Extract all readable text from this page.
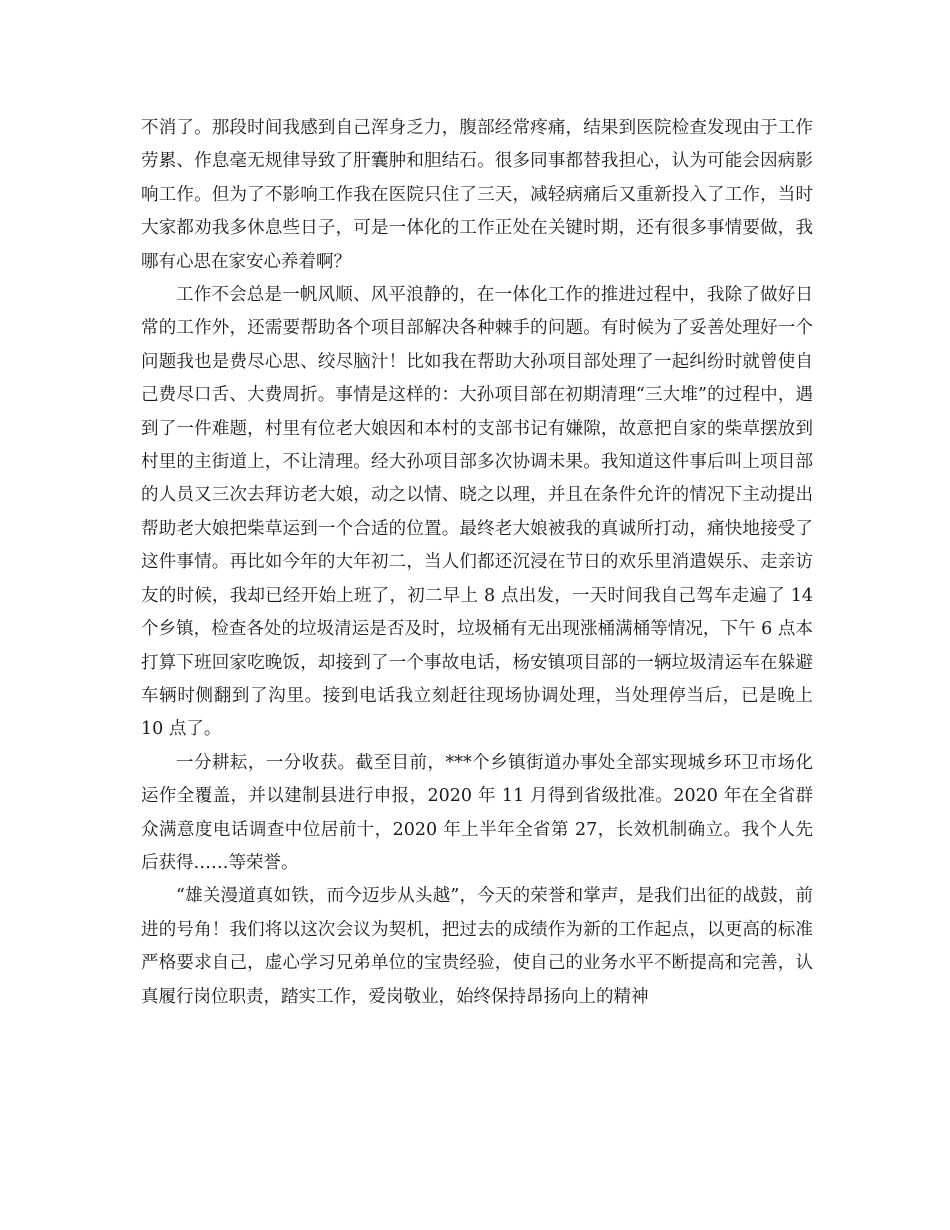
不消了。那段时间我感到自己浑身乏力，腹部经常疼痛，结果到医院检查发现由于工作劳累、作息毫无规律导致了肝囊肿和胆结石。很多同事都替我担心，认为可能会因病影响工作。但为了不影响工作我在医院只住了三天，减轻病痛后又重新投入了工作，当时大家都劝我多休息些日子，可是一体化的工作正处在关键时期，还有很多事情要做，我哪有心思在家安心养着啊？

工作不会总是一帆风顺、风平浪静的，在一体化工作的推进过程中，我除了做好日常的工作外，还需要帮助各个项目部解决各种棘手的问题。有时候为了妥善处理好一个问题我也是费尽心思、绞尽脑汁！比如我在帮助大孙项目部处理了一起纠纷时就曾使自己费尽口舌、大费周折。事情是这样的：大孙项目部在初期清理“三大堆”的过程中，遇到了一件难题，村里有位老大娘因和本村的支部书记有嫌隙，故意把自家的柴草摆放到村里的主街道上，不让清理。经大孙项目部多次协调未果。我知道这件事后叫上项目部的人员又三次去拜访老大娘，动之以情、晓之以理，并且在条件允许的情况下主动提出帮助老大娘把柴草运到一个合适的位置。最终老大娘被我的真诚所打动，痛快地接受了这件事情。再比如今年的大年初二，当人们都还沉浸在节日的欢乐里消遣娱乐、走亲访友的时候，我却已经开始上班了，初二早上 8 点出发，一天时间我自己驾车走遍了 14 个乡镇，检查各处的垃圾清运是否及时，垃圾桶有无出现涨桶满桶等情况，下午 6 点本打算下班回家吃晚饭，却接到了一个事故电话，杨安镇项目部的一辆垃圾清运车在躲避车辆时侧翻到了沟里。接到电话我立刻赶往现场协调处理，当处理停当后，已是晚上 10 点了。

一分耕耘，一分收获。截至目前，***个乡镇街道办事处全部实现城乡环卫市场化运作全覆盖，并以建制县进行申报，2020 年 11 月得到省级批准。2020 年在全省群众满意度电话调查中位居前十，2020 年上半年全省第 27，长效机制确立。我个人先后获得……等荣誉。

“雄关漫道真如铁，而今迈步从头越”，今天的荣誉和掌声，是我们出征的战鼓，前进的号角！我们将以这次会议为契机，把过去的成绩作为新的工作起点，以更高的标准严格要求自己，虚心学习兄弟单位的宝贵经验，使自己的业务水平不断提高和完善，认真履行岗位职责，踏实工作，爱岗敬业，始终保持昂扬向上的精神
